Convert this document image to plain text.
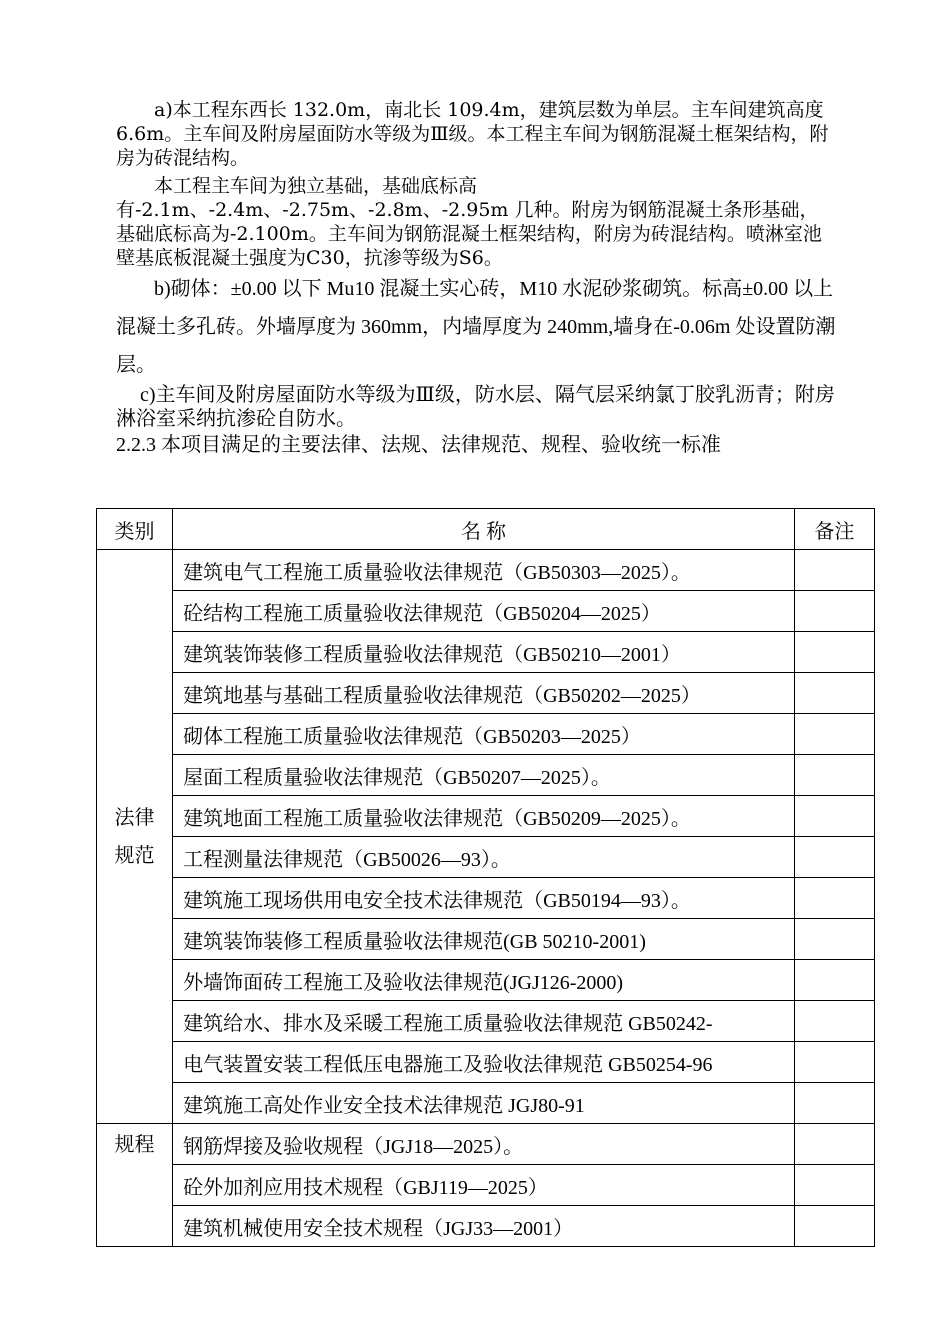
a)本工程东西长 132.0m，南北长 109.4m，建筑层数为单层。主车间建筑高度 6.6m。主车间及附房屋面防水等级为Ⅲ级。本工程主车间为钢筋混凝土框架结构，附房为砖混结构。
本工程主车间为独立基础，基础底标高有-2.1m、-2.4m、-2.75m、-2.8m、-2.95m 几种。附房为钢筋混凝土条形基础，基础底标高为-2.100m。主车间为钢筋混凝土框架结构，附房为砖混结构。喷淋室池壁基底板混凝土强度为C30，抗渗等级为S6。
b)砌体：±0.00 以下 Mu10 混凝土实心砖，M10 水泥砂浆砌筑。标高±0.00 以上混凝土多孔砖。外墙厚度为 360mm，内墙厚度为 240mm,墙身在-0.06m 处设置防潮层。
c)主车间及附房屋面防水等级为Ⅲ级，防水层、隔气层采纳氯丁胶乳沥青；附房淋浴室采纳抗渗砼自防水。
2.2.3 本项目满足的主要法律、法规、法律规范、规程、验收统一标准
类别	名 称	备注
法律规范	建筑电气工程施工质量验收法律规范（GB50303—2025）。	
	砼结构工程施工质量验收法律规范（GB50204—2025）	
	建筑装饰装修工程质量验收法律规范（GB50210—2001）	
	建筑地基与基础工程质量验收法律规范（GB50202—2025）	
	砌体工程施工质量验收法律规范（GB50203—2025）	
	屋面工程质量验收法律规范（GB50207—2025）。	
	建筑地面工程施工质量验收法律规范（GB50209—2025）。	
	工程测量法律规范（GB50026—93）。	
	建筑施工现场供用电安全技术法律规范（GB50194—93）。	
	建筑装饰装修工程质量验收法律规范(GB 50210-2001)	
	外墙饰面砖工程施工及验收法律规范(JGJ126-2000)	
	建筑给水、排水及采暖工程施工质量验收法律规范 GB50242-	
	电气装置安装工程低压电器施工及验收法律规范 GB50254-96	
	建筑施工高处作业安全技术法律规范 JGJ80-91	
规程	钢筋焊接及验收规程（JGJ18—2025）。	
	砼外加剂应用技术规程（GBJ119—2025）	
	建筑机械使用安全技术规程（JGJ33—2001）	
